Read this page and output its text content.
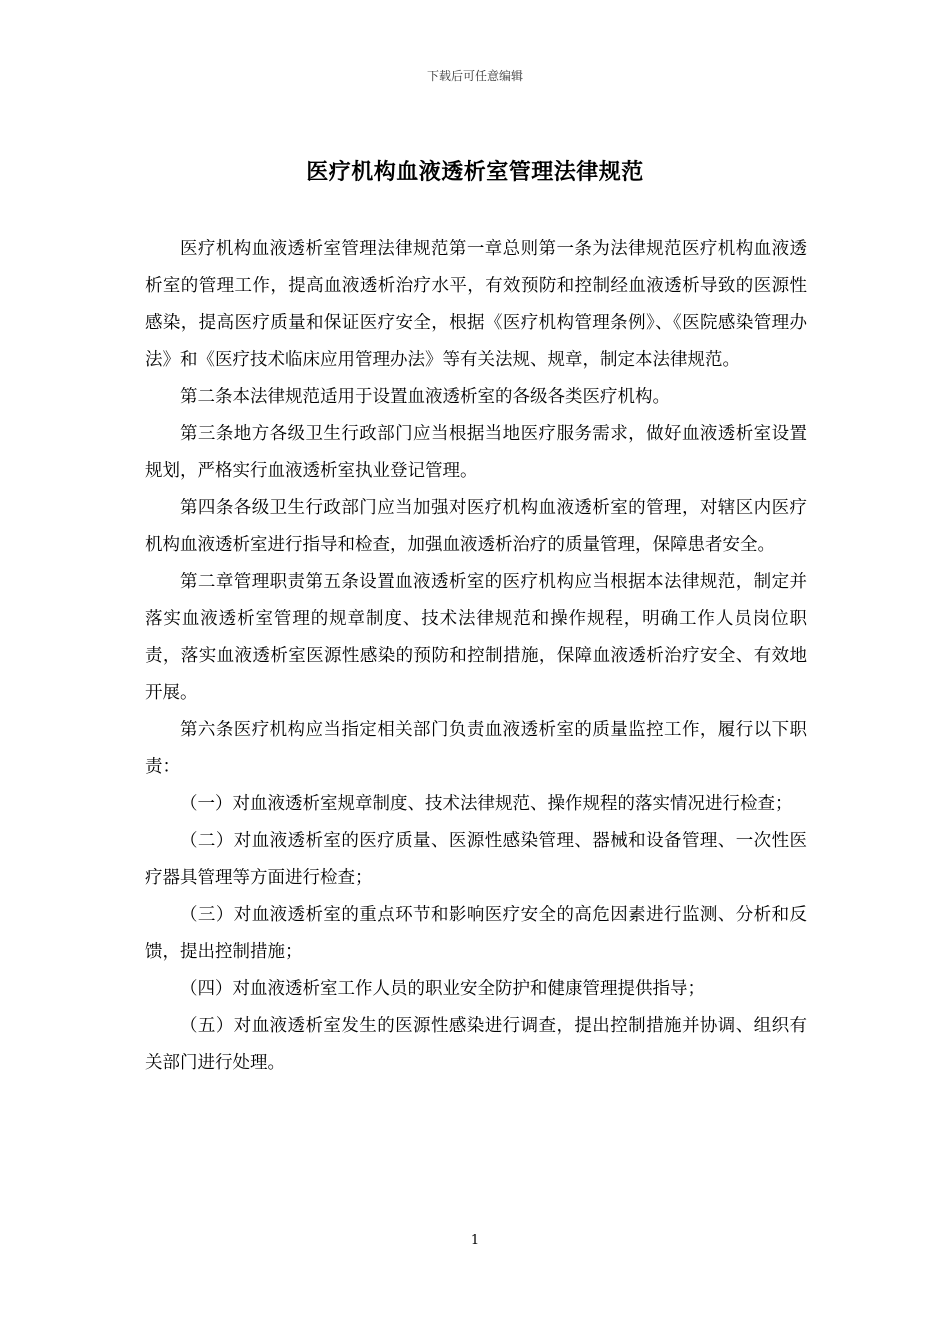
下载后可任意编辑
医疗机构血液透析室管理法律规范

医疗机构血液透析室管理法律规范第一章总则第一条为法律规范医疗机构血液透析室的管理工作，提高血液透析治疗水平，有效预防和控制经血液透析导致的医源性感染，提高医疗质量和保证医疗安全，根据《医疗机构管理条例》、《医院感染管理办法》和《医疗技术临床应用管理办法》等有关法规、规章，制定本法律规范。

第二条本法律规范适用于设置血液透析室的各级各类医疗机构。

第三条地方各级卫生行政部门应当根据当地医疗服务需求，做好血液透析室设置规划，严格实行血液透析室执业登记管理。

第四条各级卫生行政部门应当加强对医疗机构血液透析室的管理，对辖区内医疗机构血液透析室进行指导和检查，加强血液透析治疗的质量管理，保障患者安全。

第二章管理职责第五条设置血液透析室的医疗机构应当根据本法律规范，制定并落实血液透析室管理的规章制度、技术法律规范和操作规程，明确工作人员岗位职责，落实血液透析室医源性感染的预防和控制措施，保障血液透析治疗安全、有效地开展。

第六条医疗机构应当指定相关部门负责血液透析室的质量监控工作，履行以下职责：

（一）对血液透析室规章制度、技术法律规范、操作规程的落实情况进行检查；

（二）对血液透析室的医疗质量、医源性感染管理、器械和设备管理、一次性医疗器具管理等方面进行检查；

（三）对血液透析室的重点环节和影响医疗安全的高危因素进行监测、分析和反馈，提出控制措施；

（四）对血液透析室工作人员的职业安全防护和健康管理提供指导；

（五）对血液透析室发生的医源性感染进行调查，提出控制措施并协调、组织有关部门进行处理。

1
